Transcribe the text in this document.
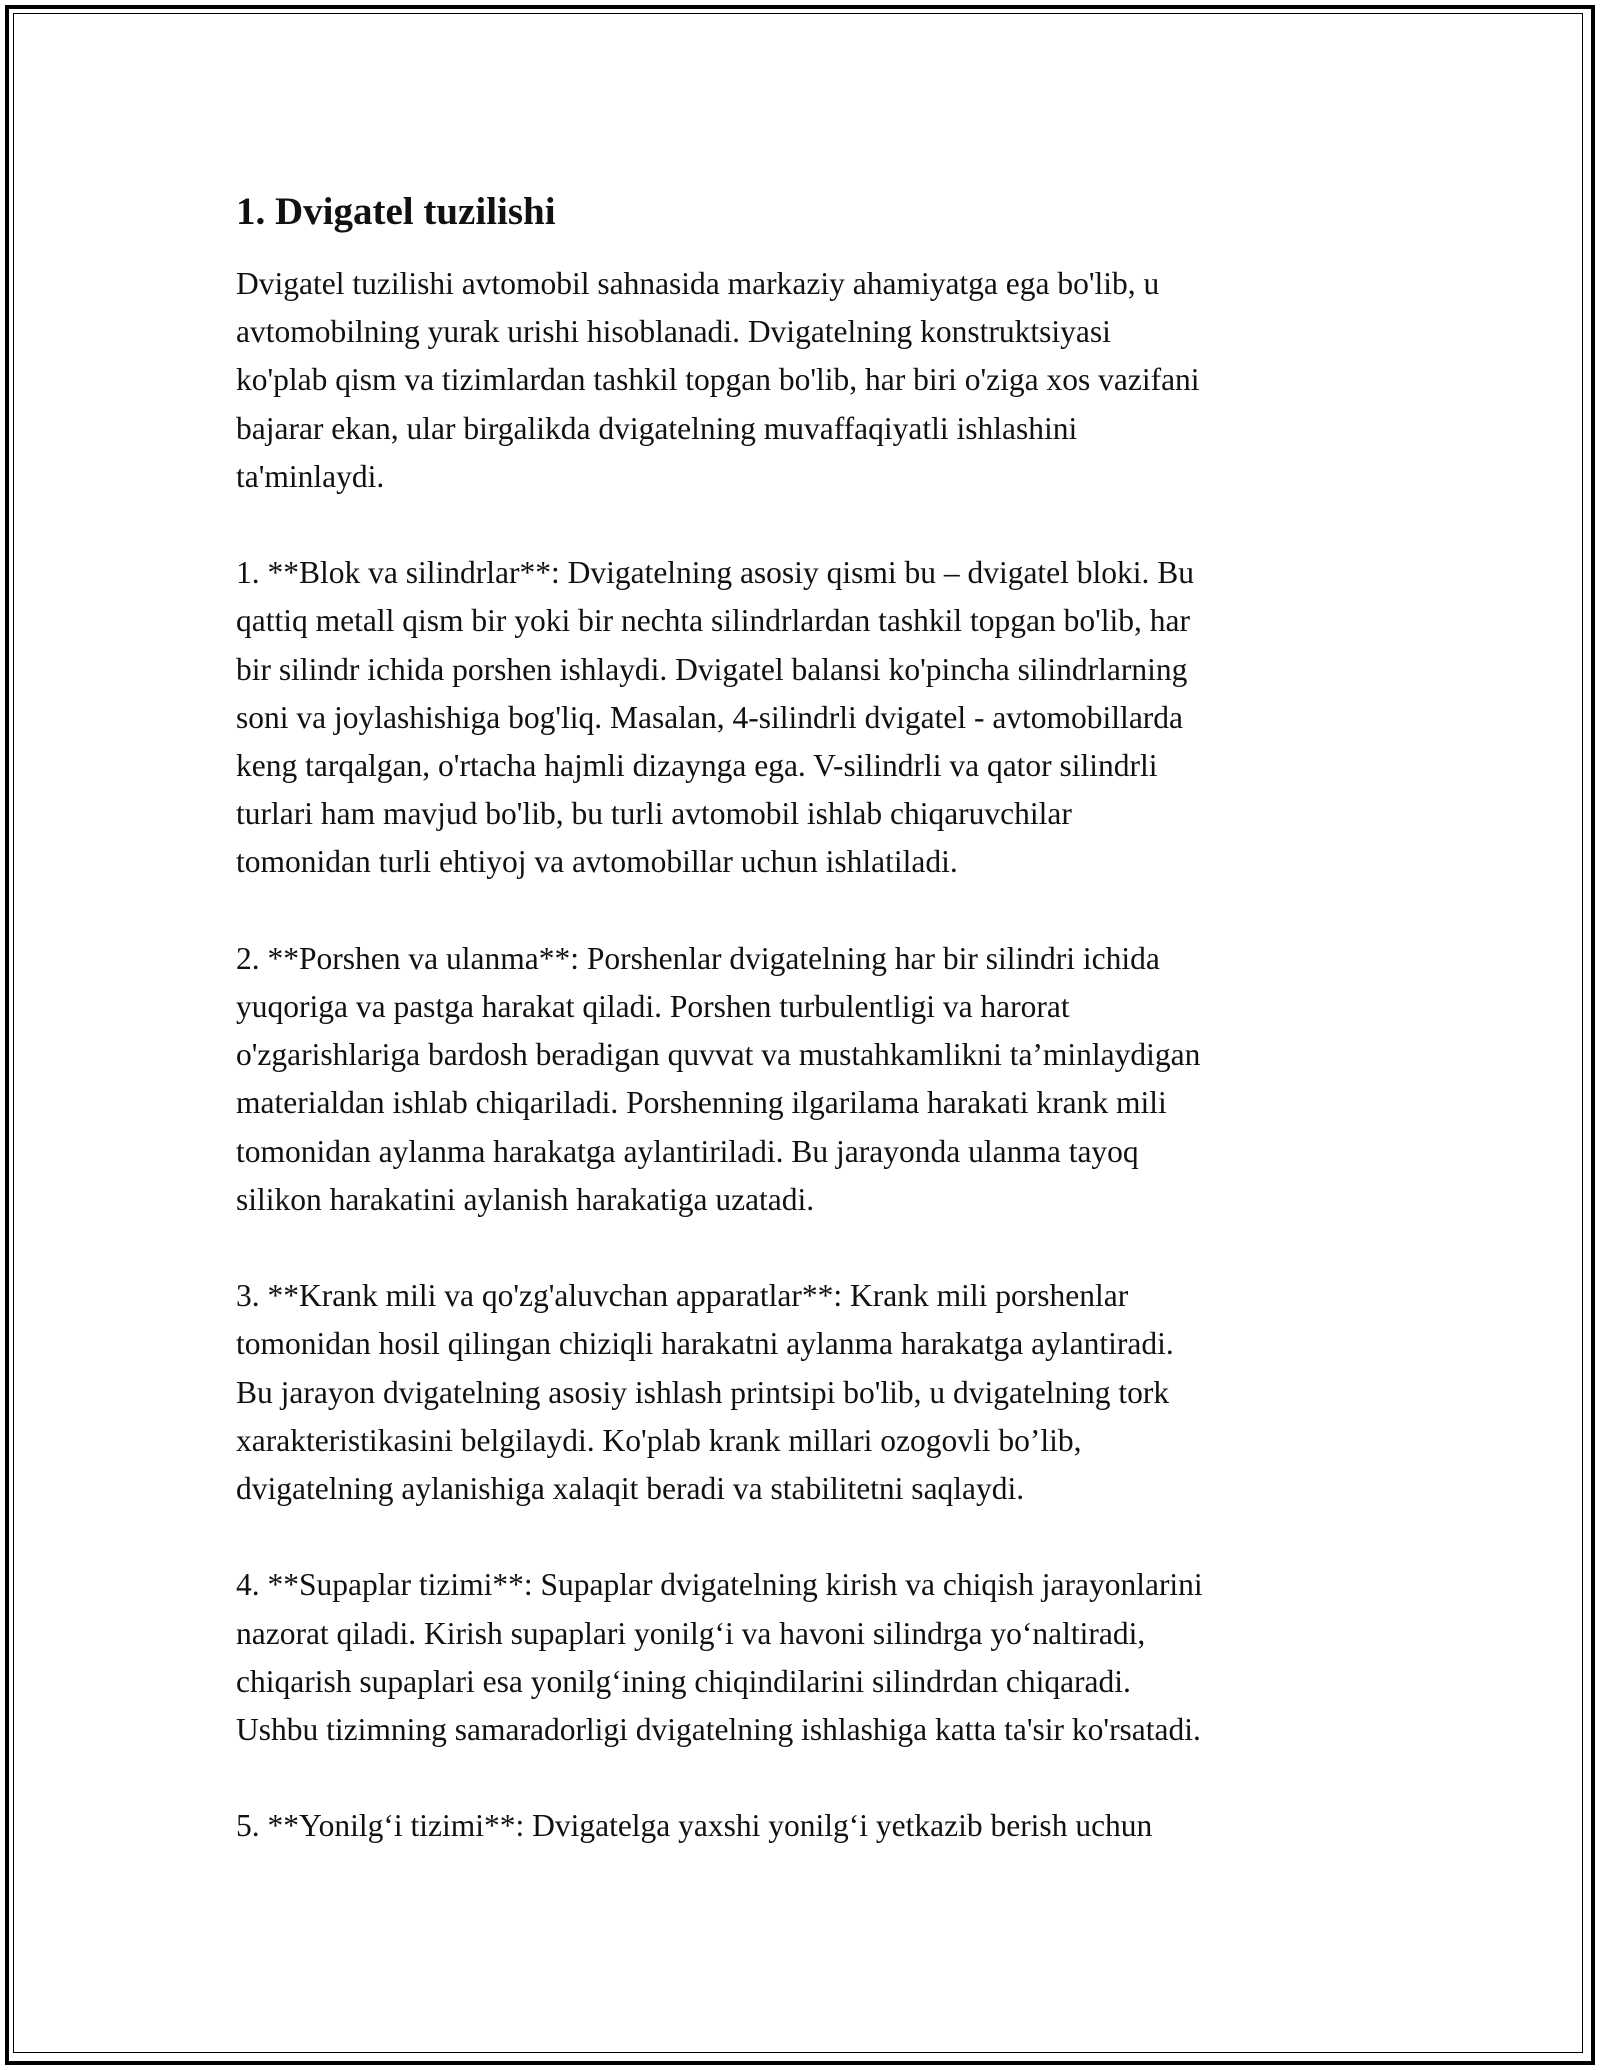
1. Dvigatel tuzilishi

Dvigatel tuzilishi avtomobil sahnasida markaziy ahamiyatga ega bo'lib, u
avtomobilning yurak urishi hisoblanadi. Dvigatelning konstruktsiyasi
ko'plab qism va tizimlardan tashkil topgan bo'lib, har biri o'ziga xos vazifani
bajarar ekan, ular birgalikda dvigatelning muvaffaqiyatli ishlashini
ta'minlaydi.

1. **Blok va silindrlar**: Dvigatelning asosiy qismi bu – dvigatel bloki. Bu
qattiq metall qism bir yoki bir nechta silindrlardan tashkil topgan bo'lib, har
bir silindr ichida porshen ishlaydi. Dvigatel balansi ko'pincha silindrlarning
soni va joylashishiga bog'liq. Masalan, 4-silindrli dvigatel - avtomobillarda
keng tarqalgan, o'rtacha hajmli dizaynga ega. V-silindrli va qator silindrli
turlari ham mavjud bo'lib, bu turli avtomobil ishlab chiqaruvchilar
tomonidan turli ehtiyoj va avtomobillar uchun ishlatiladi.

2. **Porshen va ulanma**: Porshenlar dvigatelning har bir silindri ichida
yuqoriga va pastga harakat qiladi. Porshen turbulentligi va harorat
o'zgarishlariga bardosh beradigan quvvat va mustahkamlikni ta’minlaydigan
materialdan ishlab chiqariladi. Porshenning ilgarilama harakati krank mili
tomonidan aylanma harakatga aylantiriladi. Bu jarayonda ulanma tayoq
silikon harakatini aylanish harakatiga uzatadi.

3. **Krank mili va qo'zg'aluvchan apparatlar**: Krank mili porshenlar
tomonidan hosil qilingan chiziqli harakatni aylanma harakatga aylantiradi.
Bu jarayon dvigatelning asosiy ishlash printsipi bo'lib, u dvigatelning tork
xarakteristikasini belgilaydi. Ko'plab krank millari ozogovli bo’lib,
dvigatelning aylanishiga xalaqit beradi va stabilitetni saqlaydi.

4. **Supaplar tizimi**: Supaplar dvigatelning kirish va chiqish jarayonlarini
nazorat qiladi. Kirish supaplari yonilg‘i va havoni silindrga yo‘naltiradi,
chiqarish supaplari esa yonilg‘ining chiqindilarini silindrdan chiqaradi.
Ushbu tizimning samaradorligi dvigatelning ishlashiga katta ta'sir ko'rsatadi.

5. **Yonilg‘i tizimi**: Dvigatelga yaxshi yonilg‘i yetkazib berish uchun
